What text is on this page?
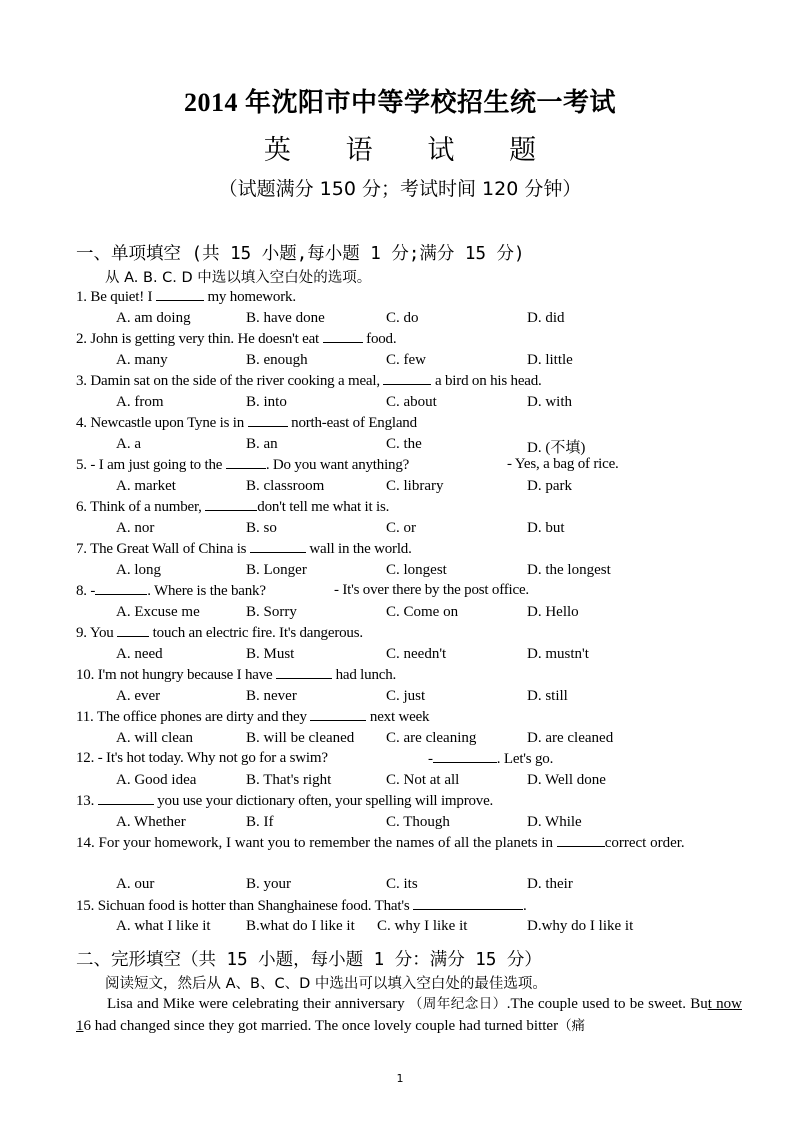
2014 年沈阳市中等学校招生统一考试
英 语 试 题
（试题满分 150 分；考试时间 120 分钟）
一、单项填空 (共 15 小题,每小题 1 分;满分 15 分)
从 A. B. C. D 中选以填入空白处的选项。
1. Be quiet! I	my homework.
A. am doing	B. have done	C. do	D. did
2. John is getting very thin. He doesn't eat	food.
A. many	B. enough	C. few	D. little
3. Damin sat on the side of the river cooking a meal,	a bird on his head.
A. from	B. into	C. about	D. with
4. Newcastle upon Tyne is in	north-east of England
A. a	B. an	C. the	D. (不填)
5. - I am just going to the	. Do you want anything?	- Yes, a bag of rice.
A. market	B. classroom	C. library	D. park
6. Think of a number,	don't tell me what it is.
A. nor	B. so	C. or	D. but
7. The Great Wall of China is	wall in the world.
A. long	B. Longer	C. longest	D. the longest
8. -	. Where is the bank?	- It's over there by the post office.
A. Excuse me	B. Sorry	C. Come on	D. Hello
9. You  touch an electric fire. It's dangerous.
A. need	B. Must	C. needn't	D. mustn't
10. I'm not hungry because I have	had lunch.
A. ever	B. never	C. just	D. still
11. The office phones are dirty and they	next week
A. will clean	B. will be cleaned C. are cleaning	D. are cleaned
12. - It's hot today. Why not go for a swim?	-	. Let's go.
A. Good idea	B. That's right	C. Not at all	D. Well done
13.	you use your dictionary often, your spelling will improve.
A. Whether	B. If	C. Though	D. While
14. For your homework, I want you to remember the names of all the planets in	correct order.
A. our	B. your	C. its	D. their
15. Sichuan food is hotter than Shanghainese food. That's	.
A. what I like it B.what do I like it C. why I like it	D.why do I like it
二、完形填空（共 15 小题，每小题 1 分：满分 15 分）
阅读短文，然后从 A、B、C、D 中选出可以填入空白处的最佳选项。
Lisa and Mike were celebrating their anniversary （周年纪念日）.The couple used to be sweet. But now 16 had changed since they got married. The once lovely couple had turned bitter（痛
1
